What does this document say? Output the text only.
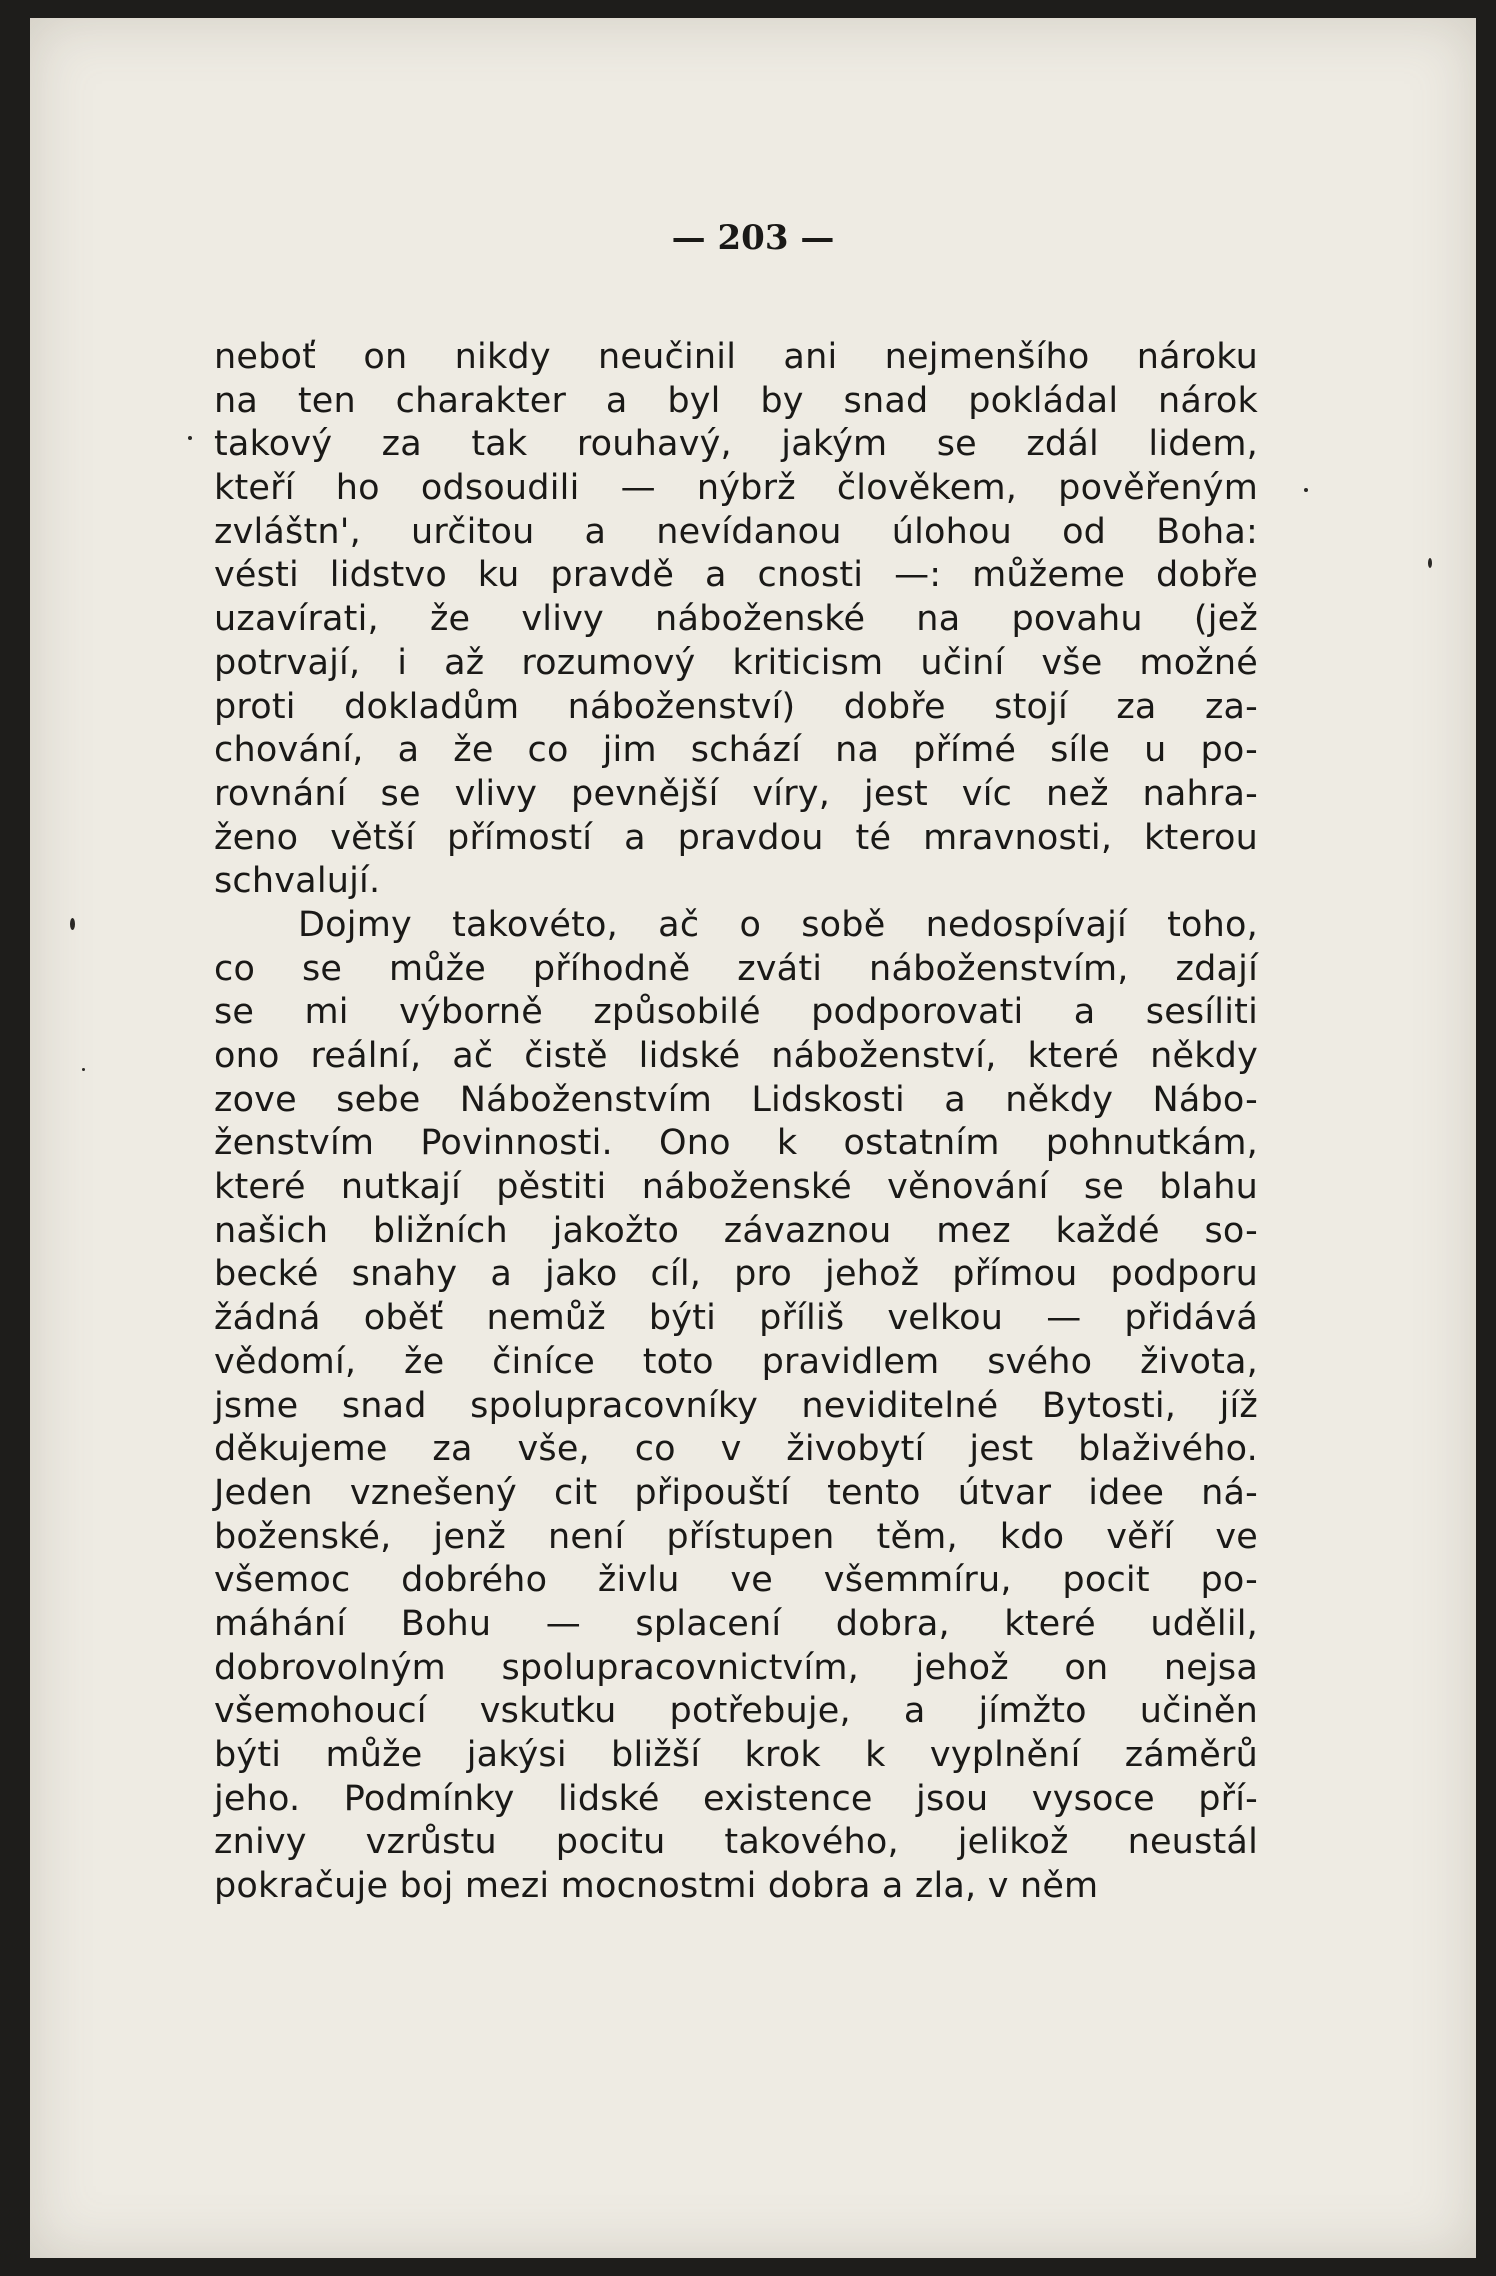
— 203 —
neboť on nikdy neučinil ani nejmenšího nároku
na ten charakter a byl by snad pokládal nárok
takový za tak rouhavý, jakým se zdál lidem,
kteří ho odsoudili — nýbrž člověkem, pověřeným
zvláštn', určitou a nevídanou úlohou od Boha:
vésti lidstvo ku pravdě a cnosti —: můžeme dobře
uzavírati, že vlivy náboženské na povahu (jež
potrvají, i až rozumový kriticism učiní vše možné
proti dokladům náboženství) dobře stojí za za-
chování, a že co jim schází na přímé síle u po-
rovnání se vlivy pevnější víry, jest víc než nahra-
ženo větší přímostí a pravdou té mravnosti, kterou
schvalují.
Dojmy takovéto, ač o sobě nedospívají toho,
co se může příhodně zváti náboženstvím, zdají
se mi výborně způsobilé podporovati a sesíliti
ono reální, ač čistě lidské náboženství, které někdy
zove sebe Náboženstvím Lidskosti a někdy Nábo-
ženstvím Povinnosti. Ono k ostatním pohnutkám,
které nutkají pěstiti náboženské věnování se blahu
našich bližních jakožto závaznou mez každé so-
becké snahy a jako cíl, pro jehož přímou podporu
žádná oběť nemůž býti příliš velkou — přidává
vědomí, že činíce toto pravidlem svého života,
jsme snad spolupracovníky neviditelné Bytosti, jíž
děkujeme za vše, co v živobytí jest blaživého.
Jeden vznešený cit připouští tento útvar idee ná-
boženské, jenž není přístupen těm, kdo věří ve
všemoc dobrého živlu ve všemmíru, pocit po-
máhání Bohu — splacení dobra, které udělil,
dobrovolným spolupracovnictvím, jehož on nejsa
všemohoucí vskutku potřebuje, a jímžto učiněn
býti může jakýsi bližší krok k vyplnění záměrů
jeho. Podmínky lidské existence jsou vysoce pří-
znivy vzrůstu pocitu takového, jelikož neustál
pokračuje boj mezi mocnostmi dobra a zla, v něm
